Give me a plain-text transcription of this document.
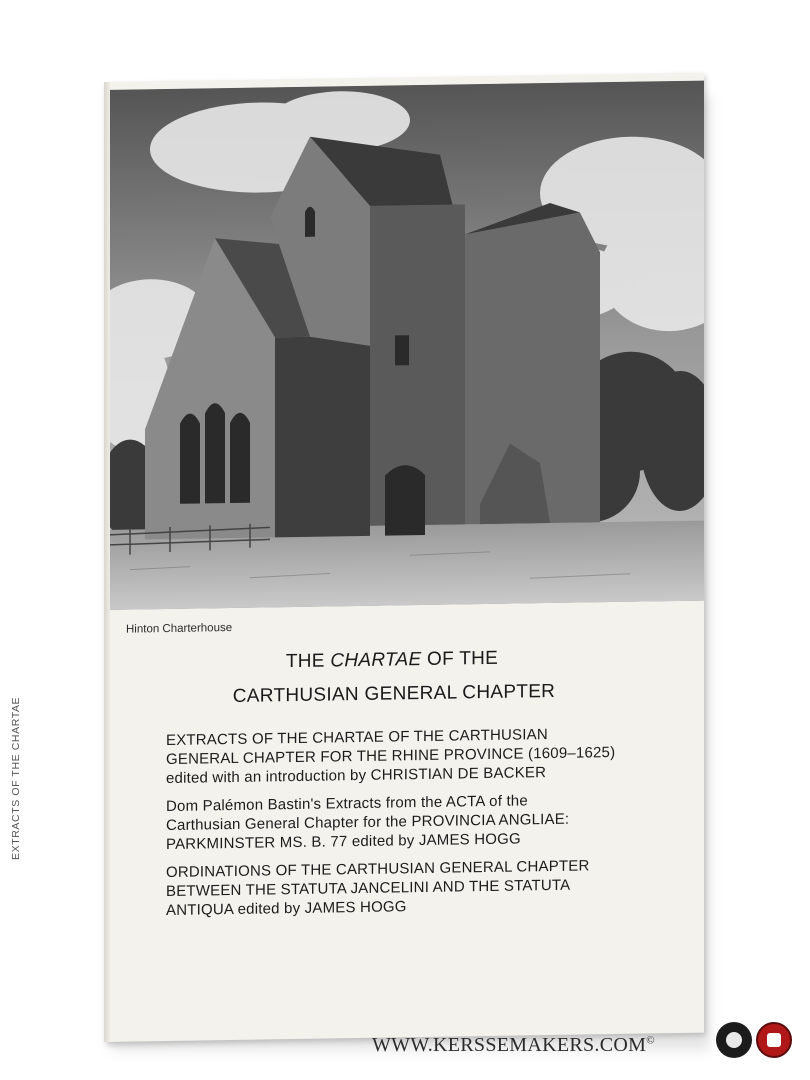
Hinton Charterhouse
THE CHARTAE OF THE
CARTHUSIAN GENERAL CHAPTER
EXTRACTS OF THE CHARTAE OF THE CARTHUSIAN
GENERAL CHAPTER FOR THE RHINE PROVINCE (1609–1625)
edited with an introduction by CHRISTIAN DE BACKER
Dom Palémon Bastin's Extracts from the ACTA of the
Carthusian General Chapter for the PROVINCIA ANGLIAE:
PARKMINSTER MS. B. 77 edited by JAMES HOGG
ORDINATIONS OF THE CARTHUSIAN GENERAL CHAPTER
BETWEEN THE STATUTA JANCELINI AND THE STATUTA
ANTIQUA edited by JAMES HOGG
EXTRACTS OF THE CHARTAE
WWW.KERSSEMAKERS.COM©
